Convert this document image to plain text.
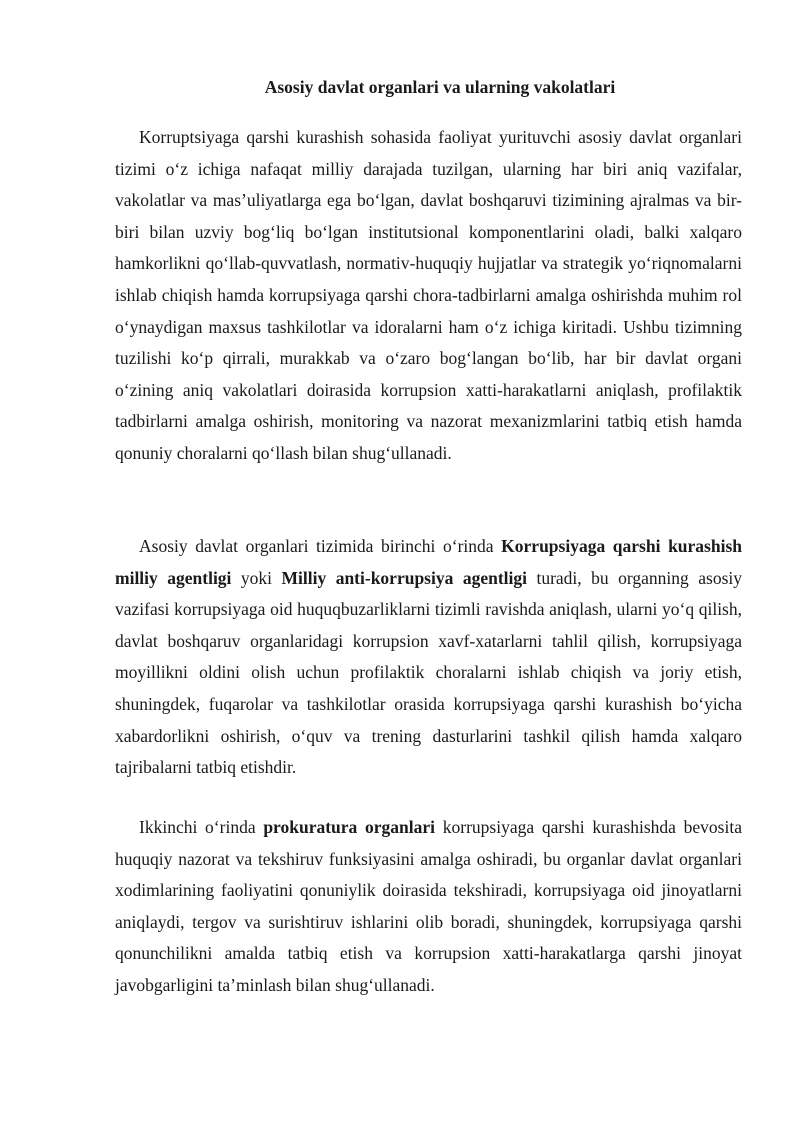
Asosiy davlat organlari va ularning vakolatlari

Korruptsiyaga qarshi kurashish sohasida faoliyat yurituvchi asosiy davlat organlari tizimi oʻz ichiga nafaqat milliy darajada tuzilgan, ularning har biri aniq vazifalar, vakolatlar va masʼuliyatlarga ega boʻlgan, davlat boshqaruvi tizimining ajralmas va bir-biri bilan uzviy bogʻliq boʻlgan institutsional komponentlarini oladi, balki xalqaro hamkorlikni qoʻllab-quvvatlash, normativ-huquqiy hujjatlar va strategik yoʻriqnomalarni ishlab chiqish hamda korrupsiyaga qarshi chora-tadbirlarni amalga oshirishda muhim rol oʻynaydigan maxsus tashkilotlar va idoralarni ham oʻz ichiga kiritadi. Ushbu tizimning tuzilishi koʻp qirrali, murakkab va oʻzaro bogʻlangan boʻlib, har bir davlat organi oʻzining aniq vakolatlari doirasida korrupsion xatti-harakatlarni aniqlash, profilaktik tadbirlarni amalga oshirish, monitoring va nazorat mexanizmlarini tatbiq etish hamda qonuniy choralarni qoʻllash bilan shugʻullanadi.

Asosiy davlat organlari tizimida birinchi oʻrinda Korrupsiyaga qarshi kurashish milliy agentligi yoki Milliy anti-korrupsiya agentligi turadi, bu organning asosiy vazifasi korrupsiyaga oid huquqbuzarliklarni tizimli ravishda aniqlash, ularni yoʻq qilish, davlat boshqaruv organlaridagi korrupsion xavf-xatarlarni tahlil qilish, korrupsiyaga moyillikni oldini olish uchun profilaktik choralarni ishlab chiqish va joriy etish, shuningdek, fuqarolar va tashkilotlar orasida korrupsiyaga qarshi kurashish boʻyicha xabardorlikni oshirish, oʻquv va trening dasturlarini tashkil qilish hamda xalqaro tajribalarni tatbiq etishdir.

Ikkinchi oʻrinda prokuratura organlari korrupsiyaga qarshi kurashishda bevosita huquqiy nazorat va tekshiruv funksiyasini amalga oshiradi, bu organlar davlat organlari xodimlarining faoliyatini qonuniylik doirasida tekshiradi, korrupsiyaga oid jinoyatlarni aniqlaydi, tergov va surishtiruv ishlarini olib boradi, shuningdek, korrupsiyaga qarshi qonunchilikni amalda tatbiq etish va korrupsion xatti-harakatlarga qarshi jinoyat javobgarligini taʼminlash bilan shugʻullanadi.
